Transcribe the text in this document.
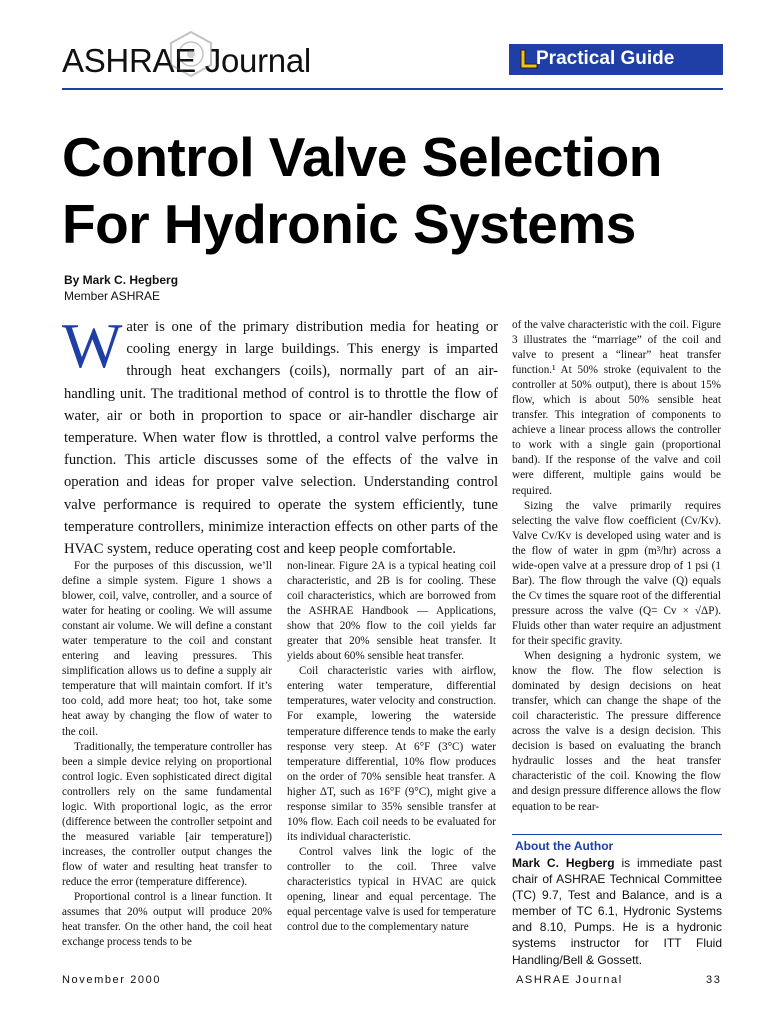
ASHRAE Journal	Practical Guide
Control Valve Selection
For Hydronic Systems
By Mark C. Hegberg
Member ASHRAE
Water is one of the primary distribution media for heating or cooling energy in large buildings. This energy is imparted through heat exchangers (coils), normally part of an air-handling unit. The traditional method of control is to throttle the flow of water, air or both in proportion to space or air-handler discharge air temperature. When water flow is throttled, a control valve performs the function. This article discusses some of the effects of the valve in operation and ideas for proper valve selection. Understanding control valve performance is required to operate the system efficiently, tune temperature controllers, minimize interaction effects on other parts of the HVAC system, reduce operating cost and keep people comfortable.

For the purposes of this discussion, we’ll define a simple system. Figure 1 shows a blower, coil, valve, controller, and a source of water for heating or cooling. We will assume constant air volume. We will define a constant water temperature to the coil and constant entering and leaving pressures. This simplification allows us to define a supply air temperature that will maintain comfort. If it’s too cold, add more heat; too hot, take some heat away by changing the flow of water to the coil.

Traditionally, the temperature controller has been a simple device relying on proportional control logic. Even sophisticated direct digital controllers rely on the same fundamental logic. With proportional logic, as the error (difference between the controller setpoint and the measured variable [air temperature]) increases, the controller output changes the flow of water and resulting heat transfer to reduce the error (temperature difference).

Proportional control is a linear function. It assumes that 20% output will produce 20% heat transfer. On the other hand, the coil heat exchange process tends to be

non-linear. Figure 2A is a typical heating coil characteristic, and 2B is for cooling. These coil characteristics, which are borrowed from the ASHRAE Handbook — Applications, show that 20% flow to the coil yields far greater that 20% sensible heat transfer. It yields about 60% sensible heat transfer.

Coil characteristic varies with airflow, entering water temperature, differential temperatures, water velocity and construction. For example, lowering the waterside temperature difference tends to make the early response very steep. At 6°F (3°C) water temperature differential, 10% flow produces on the order of 70% sensible heat transfer. A higher ΔT, such as 16°F (9°C), might give a response similar to 35% sensible transfer at 10% flow. Each coil needs to be evaluated for its individual characteristic.

Control valves link the logic of the controller to the coil. Three valve characteristics typical in HVAC are quick opening, linear and equal percentage. The equal percentage valve is used for temperature control due to the complementary nature

of the valve characteristic with the coil. Figure 3 illustrates the “marriage” of the coil and valve to present a “linear” heat transfer function.¹ At 50% stroke (equivalent to the controller at 50% output), there is about 15% flow, which is about 50% sensible heat transfer. This integration of components to achieve a linear process allows the controller to work with a single gain (proportional band). If the response of the valve and coil were different, multiple gains would be required.

Sizing the valve primarily requires selecting the valve flow coefficient (Cv/Kv). Valve Cv/Kv is developed using water and is the flow of water in gpm (m³/hr) across a wide-open valve at a pressure drop of 1 psi (1 Bar). The flow through the valve (Q) equals the Cv times the square root of the differential pressure across the valve (Q= Cv × √ΔP). Fluids other than water require an adjustment for their specific gravity.

When designing a hydronic system, we know the flow. The flow selection is dominated by design decisions on heat transfer, which can change the shape of the coil characteristic. The pressure difference across the valve is a design decision. This decision is based on evaluating the branch hydraulic losses and the heat transfer characteristic of the coil. Knowing the flow and design pressure difference allows the flow equation to be rear-

About the Author
Mark C. Hegberg is immediate past chair of ASHRAE Technical Committee (TC) 9.7, Test and Balance, and is a member of TC 6.1, Hydronic Systems and 8.10, Pumps. He is a hydronic systems instructor for ITT Fluid Handling/Bell & Gossett.
November 2000	ASHRAE Journal	33
